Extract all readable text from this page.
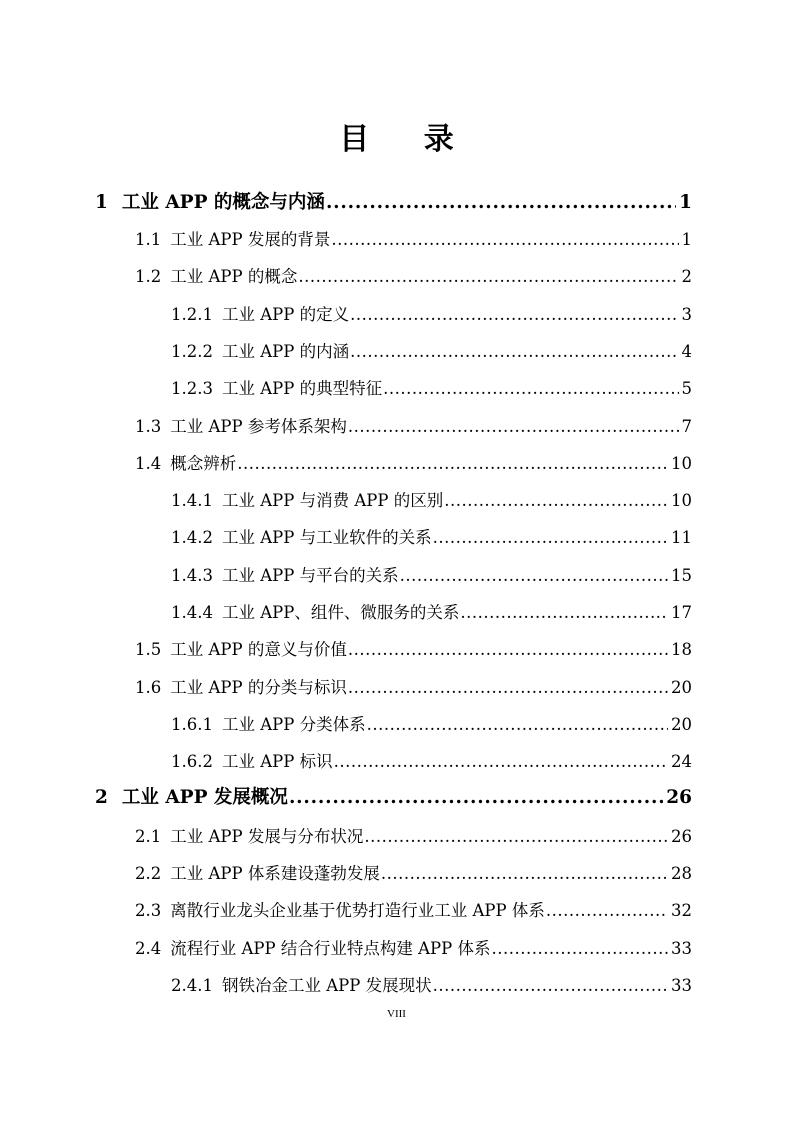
目 录
1 工业 APP 的概念与内涵 .....	1
1.1 工业 APP 发展的背景 .....	1
1.2 工业 APP 的概念 .....	2
1.2.1 工业 APP 的定义 .....	3
1.2.2 工业 APP 的内涵 .....	4
1.2.3 工业 APP 的典型特征 .....	5
1.3 工业 APP 参考体系架构 .....	7
1.4 概念辨析 .....	10
1.4.1 工业 APP 与消费 APP 的区别 .....	10
1.4.2 工业 APP 与工业软件的关系 .....	11
1.4.3 工业 APP 与平台的关系 .....	15
1.4.4 工业 APP、组件、微服务的关系 .....	17
1.5 工业 APP 的意义与价值 .....	18
1.6 工业 APP 的分类与标识 .....	20
1.6.1 工业 APP 分类体系 .....	20
1.6.2 工业 APP 标识 .....	24
2 工业 APP 发展概况 .....	26
2.1 工业 APP 发展与分布状况 .....	26
2.2 工业 APP 体系建设蓬勃发展 .....	28
2.3 离散行业龙头企业基于优势打造行业工业 APP 体系 .....	32
2.4 流程行业 APP 结合行业特点构建 APP 体系 .....	33
2.4.1 钢铁冶金工业 APP 发展现状 .....	33
VIII
